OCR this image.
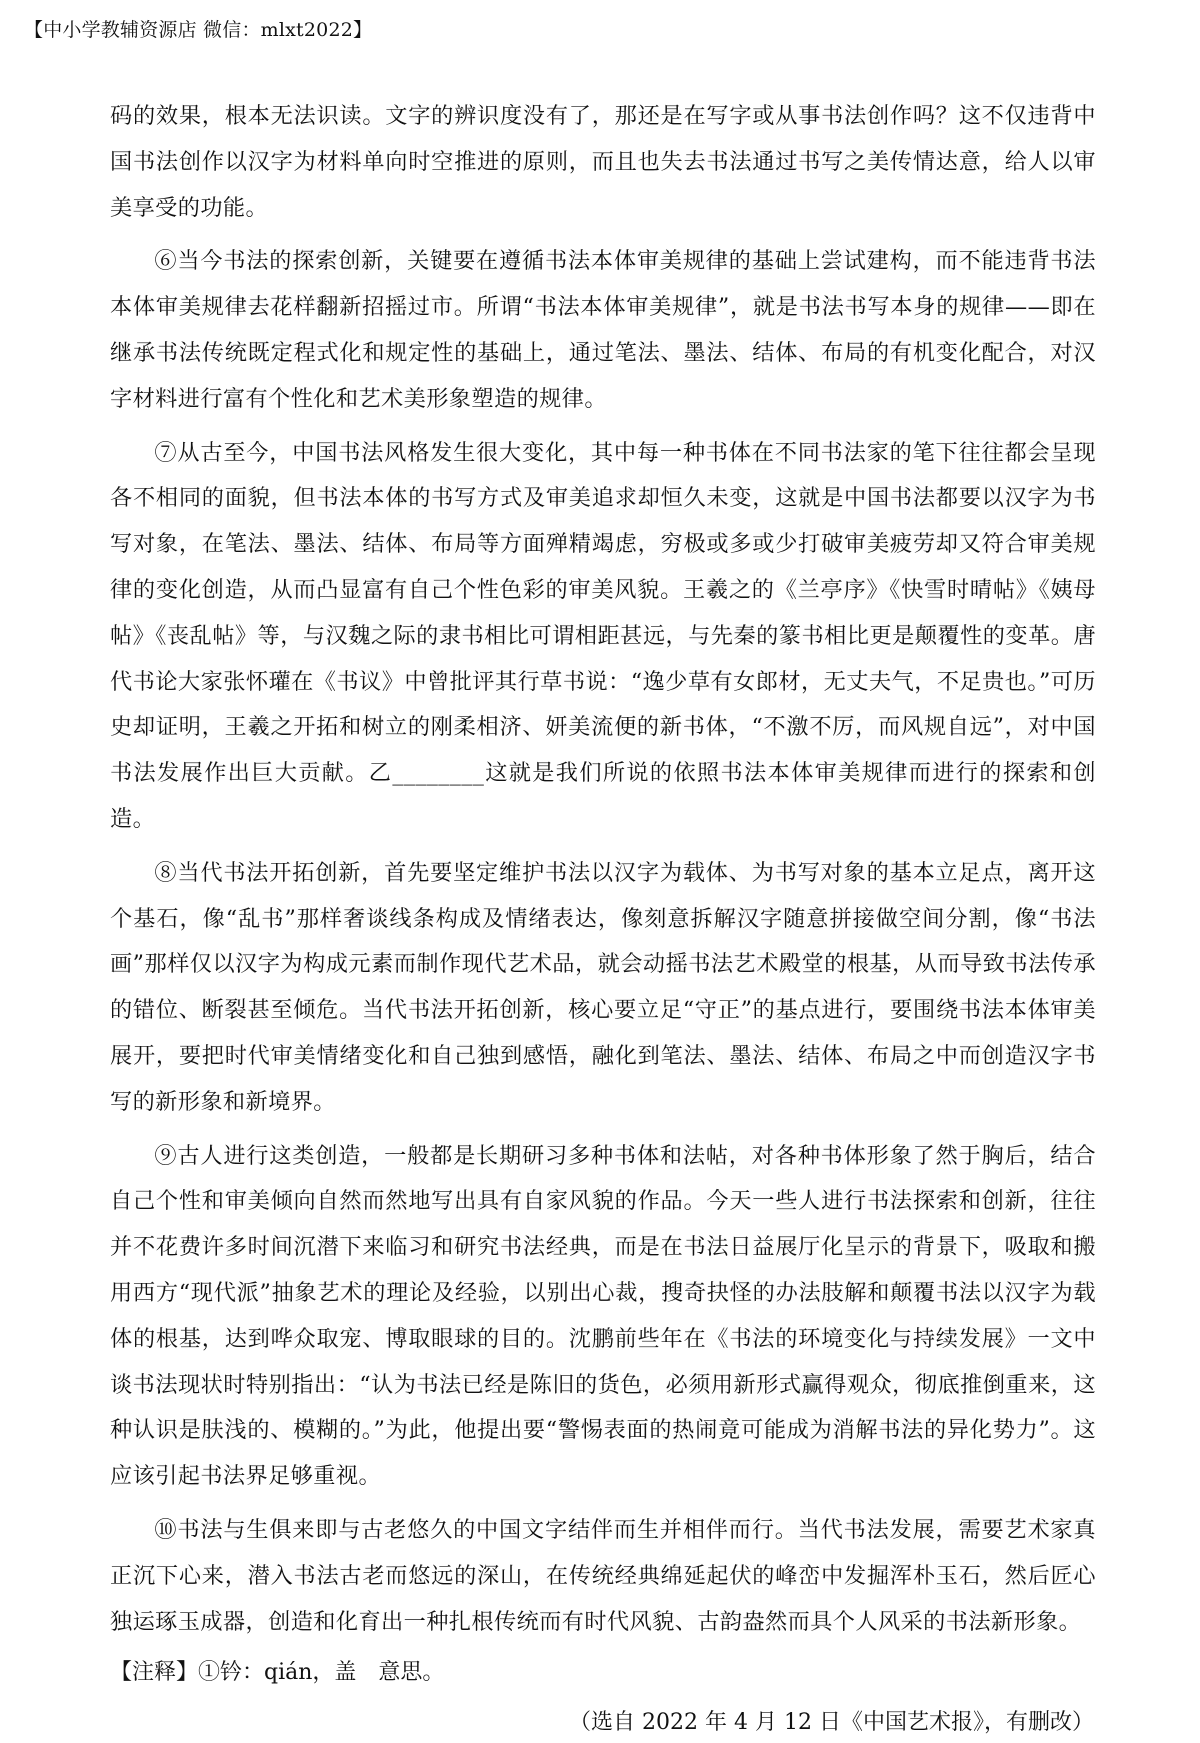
【中小学教辅资源店 微信：mlxt2022】

码的效果，根本无法识读。文字的辨识度没有了，那还是在写字或从事书法创作吗？这不仅违背中国书法创作以汉字为材料单向时空推进的原则，而且也失去书法通过书写之美传情达意，给人以审美享受的功能。

⑥当今书法的探索创新，关键要在遵循书法本体审美规律的基础上尝试建构，而不能违背书法本体审美规律去花样翻新招摇过市。所谓“书法本体审美规律”，就是书法书写本身的规律——即在继承书法传统既定程式化和规定性的基础上，通过笔法、墨法、结体、布局的有机变化配合，对汉字材料进行富有个性化和艺术美形象塑造的规律。

⑦从古至今，中国书法风格发生很大变化，其中每一种书体在不同书法家的笔下往往都会呈现各不相同的面貌，但书法本体的书写方式及审美追求却恒久未变，这就是中国书法都要以汉字为书写对象，在笔法、墨法、结体、布局等方面殚精竭虑，穷极或多或少打破审美疲劳却又符合审美规律的变化创造，从而凸显富有自己个性色彩的审美风貌。王羲之的《兰亭序》《快雪时晴帖》《姨母帖》《丧乱帖》等，与汉魏之际的隶书相比可谓相距甚远，与先秦的篆书相比更是颠覆性的变革。唐代书论大家张怀瓘在《书议》中曾批评其行草书说：“逸少草有女郎材，无丈夫气，不足贵也。”可历史却证明，王羲之开拓和树立的刚柔相济、妍美流便的新书体，“不激不厉，而风规自远”，对中国书法发展作出巨大贡献。乙________这就是我们所说的依照书法本体审美规律而进行的探索和创造。

⑧当代书法开拓创新，首先要坚定维护书法以汉字为载体、为书写对象的基本立足点，离开这个基石，像“乱书”那样奢谈线条构成及情绪表达，像刻意拆解汉字随意拼接做空间分割，像“书法画”那样仅以汉字为构成元素而制作现代艺术品，就会动摇书法艺术殿堂的根基，从而导致书法传承的错位、断裂甚至倾危。当代书法开拓创新，核心要立足“守正”的基点进行，要围绕书法本体审美展开，要把时代审美情绪变化和自己独到感悟，融化到笔法、墨法、结体、布局之中而创造汉字书写的新形象和新境界。

⑨古人进行这类创造，一般都是长期研习多种书体和法帖，对各种书体形象了然于胸后，结合自己个性和审美倾向自然而然地写出具有自家风貌的作品。今天一些人进行书法探索和创新，往往并不花费许多时间沉潜下来临习和研究书法经典，而是在书法日益展厅化呈示的背景下，吸取和搬用西方“现代派”抽象艺术的理论及经验，以别出心裁，搜奇抉怪的办法肢解和颠覆书法以汉字为载体的根基，达到哗众取宠、博取眼球的目的。沈鹏前些年在《书法的环境变化与持续发展》一文中谈书法现状时特别指出：“认为书法已经是陈旧的货色，必须用新形式赢得观众，彻底推倒重来，这种认识是肤浅的、模糊的。”为此，他提出要“警惕表面的热闹竟可能成为消解书法的异化势力”。这应该引起书法界足够重视。

⑩书法与生俱来即与古老悠久的中国文字结伴而生并相伴而行。当代书法发展，需要艺术家真正沉下心来，潜入书法古老而悠远的深山，在传统经典绵延起伏的峰峦中发掘浑朴玉石，然后匠心独运琢玉成器，创造和化育出一种扎根传统而有时代风貌、古韵盎然而具个人风采的书法新形象。

【注释】①钤：qián，盖　意思。
（选自 2022 年 4 月 12 日《中国艺术报》，有删改）
